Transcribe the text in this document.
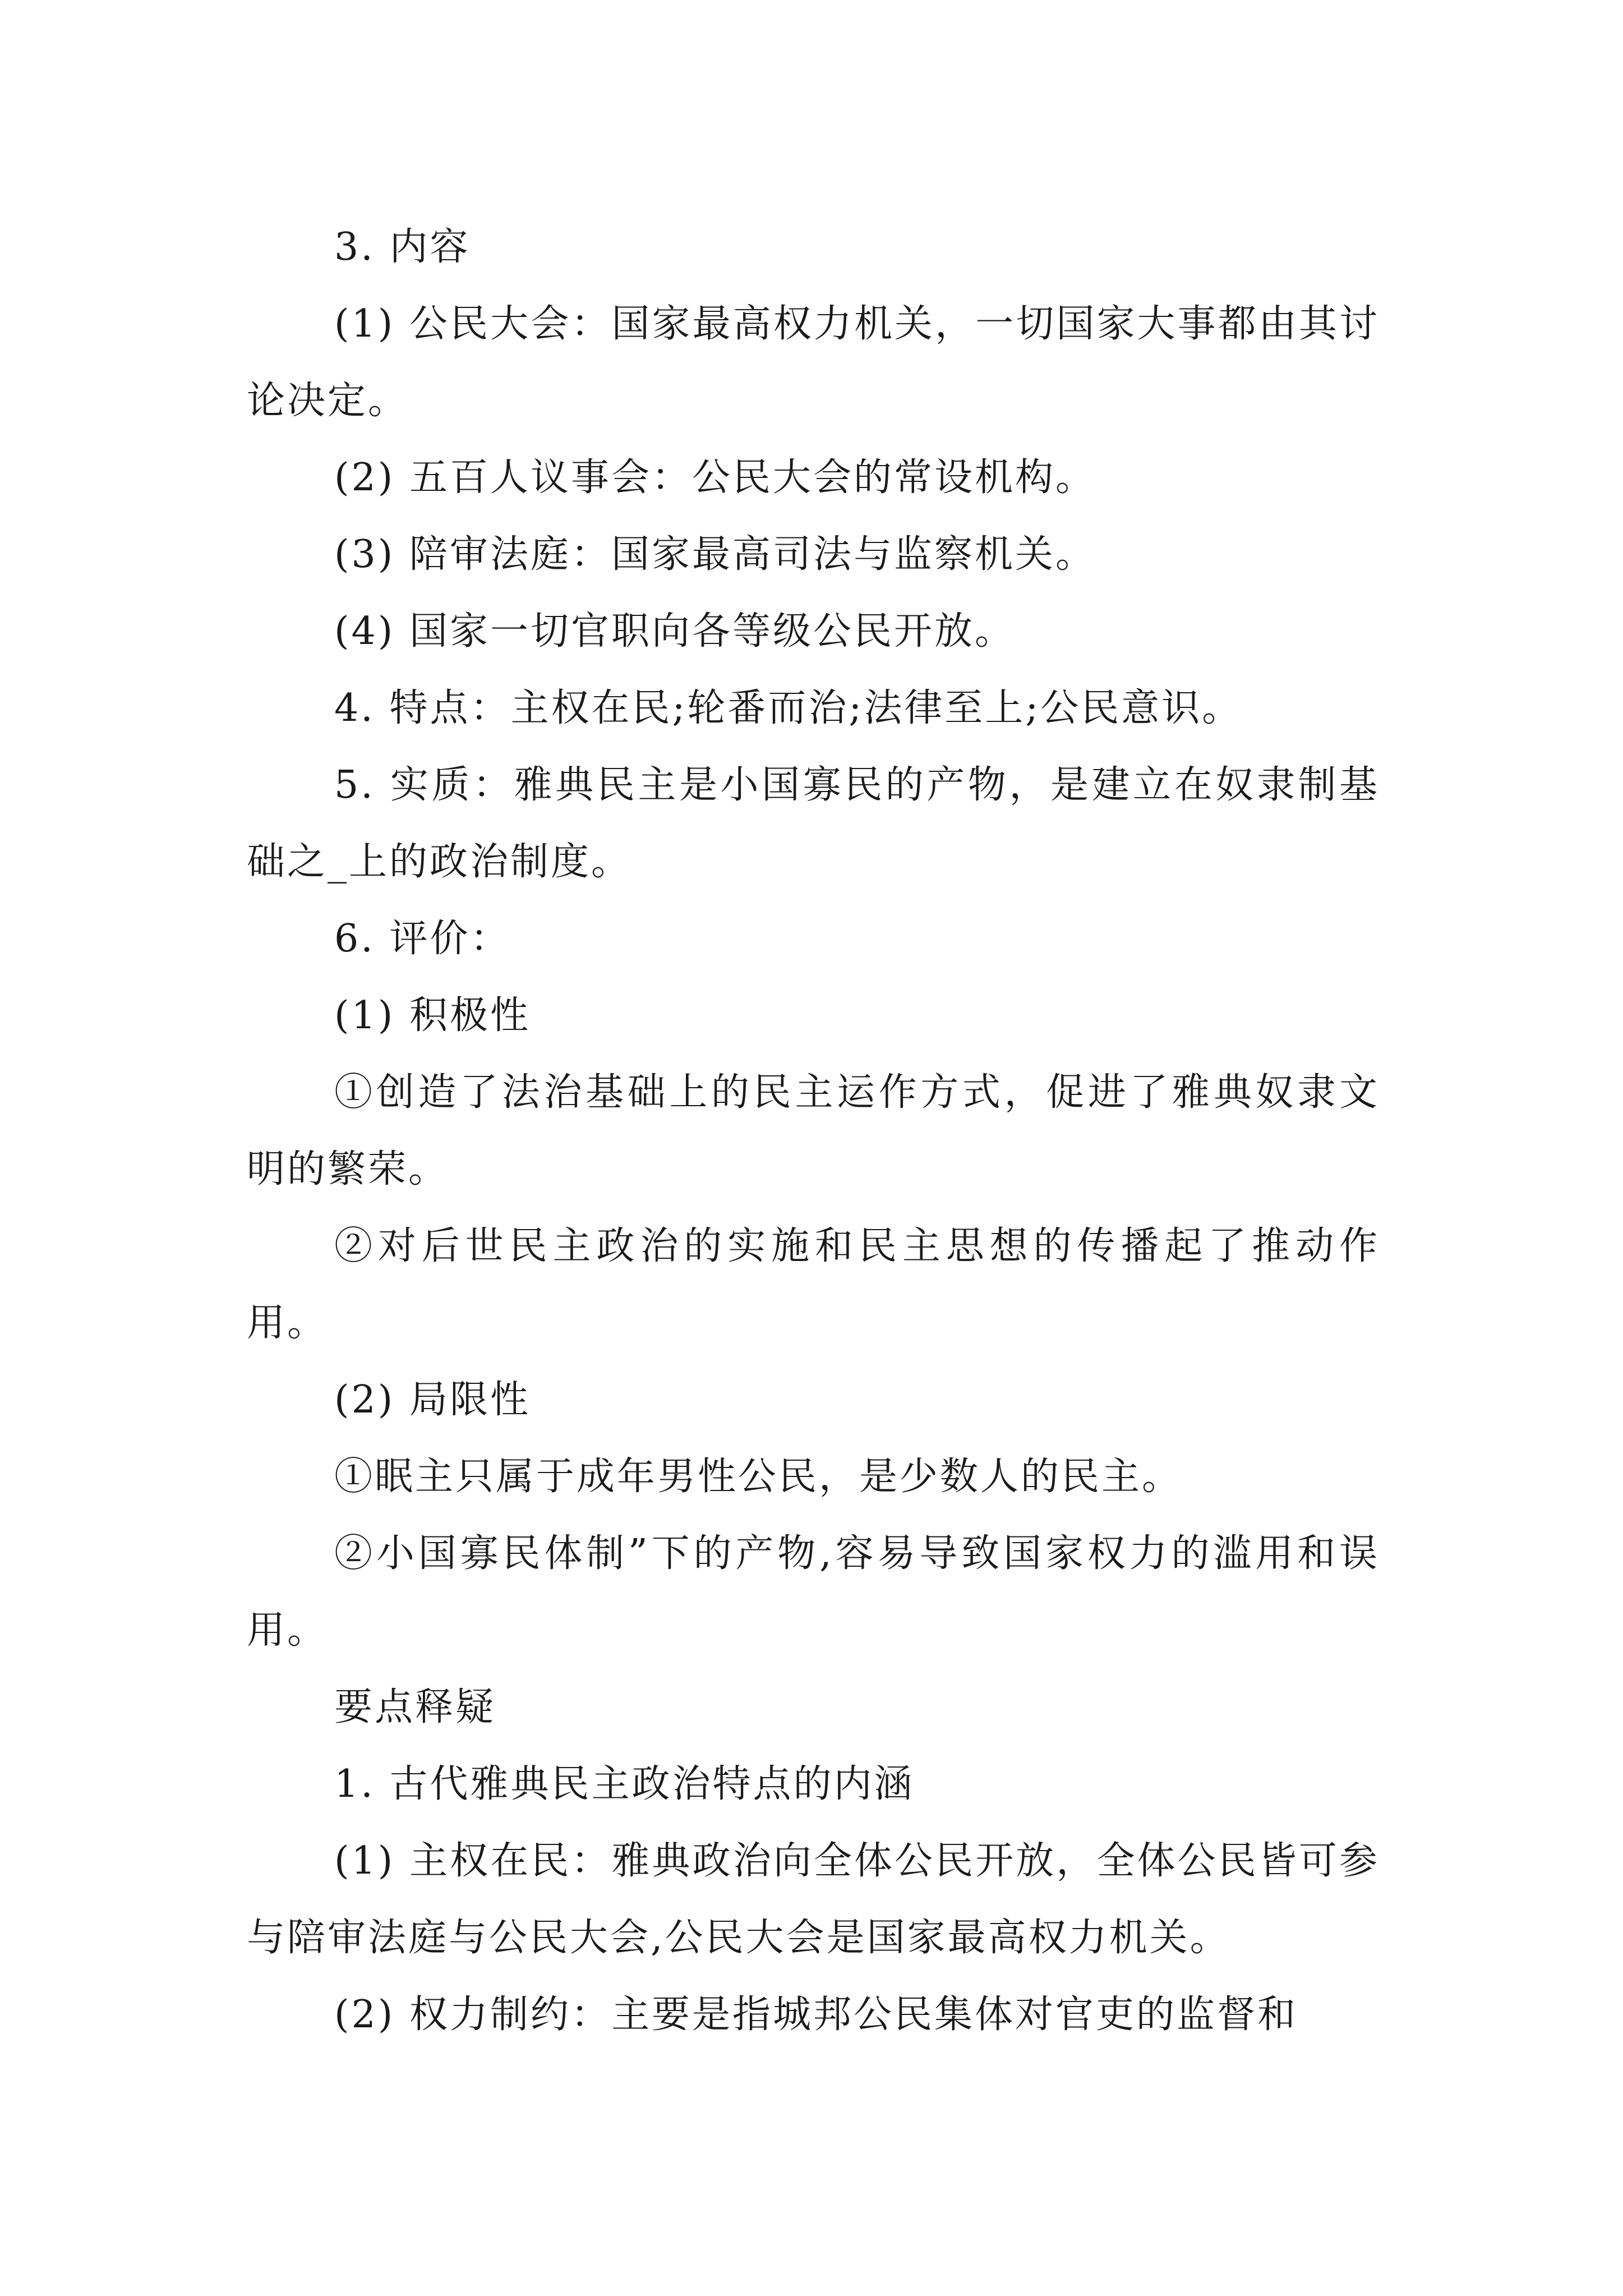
3. 内容

(1) 公民大会：国家最高权力机关，一切国家大事都由其讨论决定。

(2) 五百人议事会：公民大会的常设机构。

(3) 陪审法庭：国家最高司法与监察机关。

(4) 国家一切官职向各等级公民开放。

4. 特点：主权在民;轮番而治;法律至上;公民意识。

5. 实质：雅典民主是小国寡民的产物，是建立在奴隶制基础之_上的政治制度。

6. 评价：

(1) 积极性

①创造了法治基础上的民主运作方式，促进了雅典奴隶文明的繁荣。

②对后世民主政治的实施和民主思想的传播起了推动作用。

(2) 局限性

①眠主只属于成年男性公民，是少数人的民主。

②小国寡民体制”下的产物,容易导致国家权力的滥用和误用。

要点释疑

1. 古代雅典民主政治特点的内涵

(1) 主权在民：雅典政治向全体公民开放，全体公民皆可参与陪审法庭与公民大会,公民大会是国家最高权力机关。

(2) 权力制约：主要是指城邦公民集体对官吏的监督和
